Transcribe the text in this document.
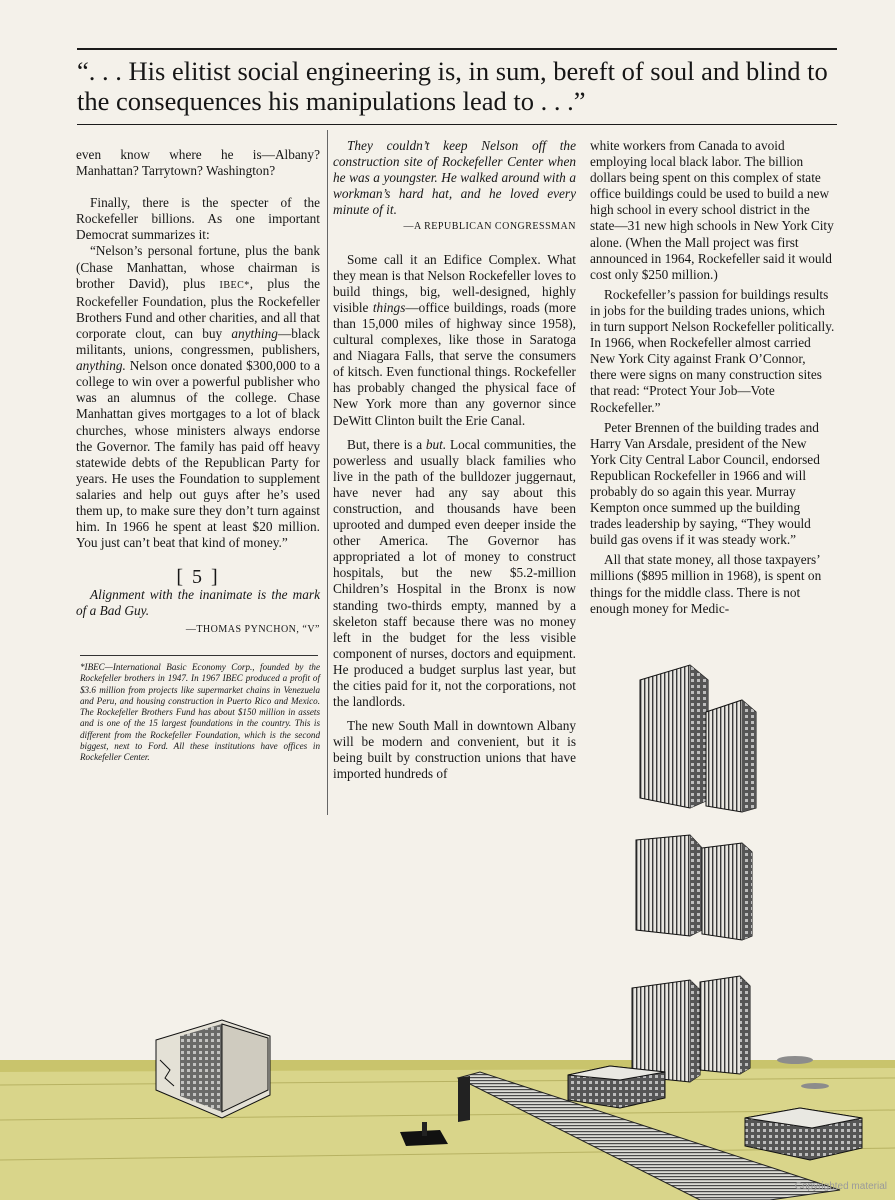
“. . . His elitist social engineering is, in sum, bereft of soul and blind to the consequences his manipulations lead to . . .”

even know where he is—Albany? Manhattan? Tarrytown? Washington?

Finally, there is the specter of the Rockefeller billions. As one important Democrat summarizes it:

“Nelson’s personal fortune, plus the bank (Chase Manhattan, whose chairman is brother David), plus IBEC*, plus the Rockefeller Foundation, plus the Rockefeller Brothers Fund and other charities, and all that corporate clout, can buy anything—black militants, unions, congressmen, publishers, anything. Nelson once donated $300,000 to a college to win over a powerful publisher who was an alumnus of the college. Chase Manhattan gives mortgages to a lot of black churches, whose ministers always endorse the Governor. The family has paid off heavy statewide debts of the Republican Party for years. He uses the Foundation to supplement salaries and help out guys after he’s used them up, to make sure they don’t turn against him. In 1966 he spent at least $20 million. You just can’t beat that kind of money.”

[ 5 ]

Alignment with the inanimate is the mark of a Bad Guy.

—THOMAS PYNCHON, “V”

*IBEC—International Basic Economy Corp., founded by the Rockefeller brothers in 1947. In 1967 IBEC produced a profit of $3.6 million from projects like supermarket chains in Venezuela and Peru, and housing construction in Puerto Rico and Mexico. The Rockefeller Brothers Fund has about $150 million in assets and is one of the 15 largest foundations in the country. This is different from the Rockefeller Foundation, which is the second biggest, next to Ford. All these institutions have offices in Rockefeller Center.

They couldn’t keep Nelson off the construction site of Rockefeller Center when he was a youngster. He walked around with a workman’s hard hat, and he loved every minute of it.

—A REPUBLICAN CONGRESSMAN

Some call it an Edifice Complex. What they mean is that Nelson Rockefeller loves to build things, big, well-designed, highly visible things—office buildings, roads (more than 15,000 miles of highway since 1958), cultural complexes, like those in Saratoga and Niagara Falls, that serve the consumers of kitsch. Even functional things. Rockefeller has probably changed the physical face of New York more than any governor since DeWitt Clinton built the Erie Canal.

But, there is a but. Local communities, the powerless and usually black families who live in the path of the bulldozer juggernaut, have never had any say about this construction, and thousands have been uprooted and dumped even deeper inside the other America. The Governor has appropriated a lot of money to construct hospitals, but the new $5.2-million Children’s Hospital in the Bronx is now standing two-thirds empty, manned by a skeleton staff because there was no money left in the budget for the less visible component of nurses, doctors and equipment. He produced a budget surplus last year, but the cities paid for it, not the corporations, not the landlords.

The new South Mall in downtown Albany will be modern and convenient, but it is being built by construction unions that have imported hundreds of

white workers from Canada to avoid employing local black labor. The billion dollars being spent on this complex of state office buildings could be used to build a new high school in every school district in the state—31 new high schools in New York City alone. (When the Mall project was first announced in 1964, Rockefeller said it would cost only $250 million.)

Rockefeller’s passion for buildings results in jobs for the building trades unions, which in turn support Nelson Rockefeller politically. In 1966, when Rockefeller almost carried New York City against Frank O’Connor, there were signs on many construction sites that read: “Protect Your Job—Vote Rockefeller.”

Peter Brennen of the building trades and Harry Van Arsdale, president of the New York City Central Labor Council, endorsed Republican Rockefeller in 1966 and will probably do so again this year. Murray Kempton once summed up the building trades leadership by saying, “They would build gas ovens if it was steady work.”

All that state money, all those taxpayers’ millions ($895 million in 1968), is spent on things for the middle class. There is not enough money for Medic-

Copyrighted material
